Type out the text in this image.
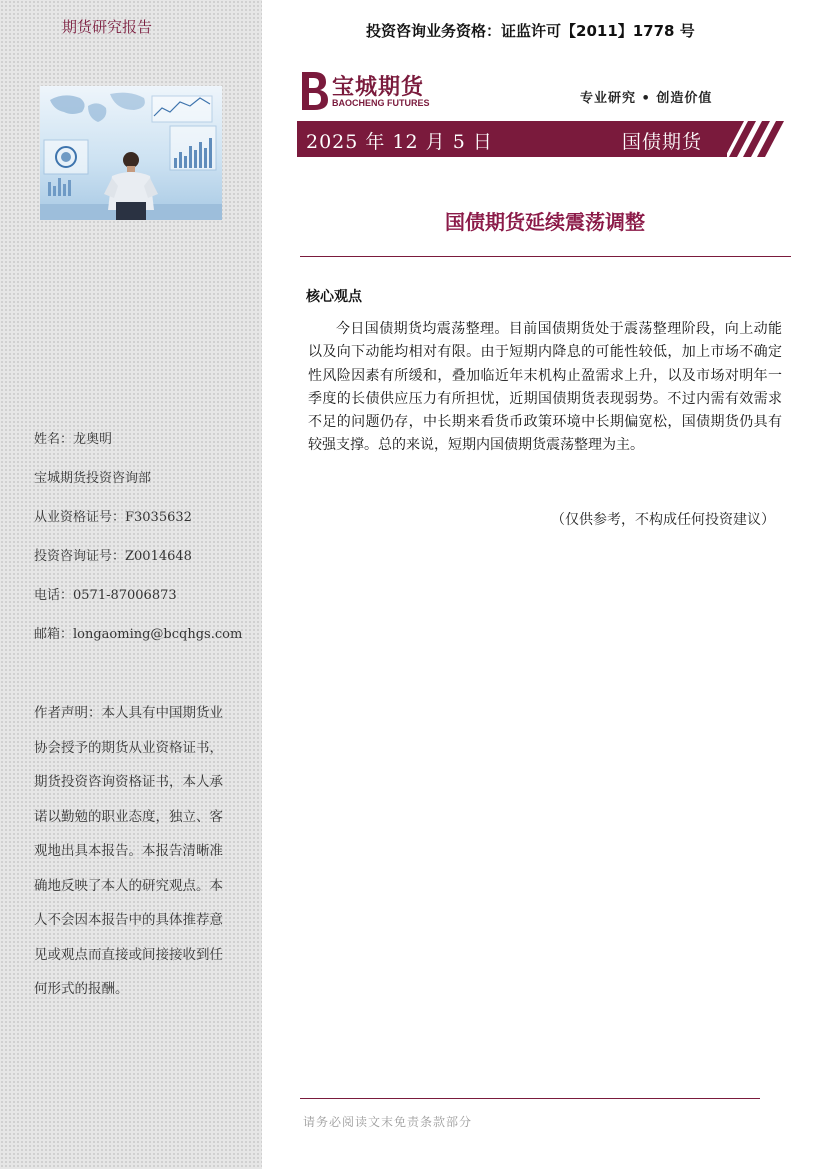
期货研究报告
姓名：龙奥明
宝城期货投资咨询部
从业资格证号：F3035632
投资咨询证号：Z0014648
电话：0571-87006873
邮箱：longaoming@bcqhgs.com
作者声明：本人具有中国期货业协会授予的期货从业资格证书，期货投资咨询资格证书，本人承诺以勤勉的职业态度，独立、客观地出具本报告。本报告清晰准确地反映了本人的研究观点。本人不会因本报告中的具体推荐意见或观点而直接或间接接收到任何形式的报酬。
投资咨询业务资格：证监许可【2011】1778 号
宝城期货
BAOCHENG FUTURES	专业研究 • 创造价值
2025 年 12 月 5 日	国债期货
国债期货延续震荡调整
核心观点
今日国债期货均震荡整理。目前国债期货处于震荡整理阶段，向上动能以及向下动能均相对有限。由于短期内降息的可能性较低，加上市场不确定性风险因素有所缓和，叠加临近年末机构止盈需求上升，以及市场对明年一季度的长债供应压力有所担忧，近期国债期货表现弱势。不过内需有效需求不足的问题仍存，中长期来看货币政策环境中长期偏宽松，国债期货仍具有较强支撑。总的来说，短期内国债期货震荡整理为主。
（仅供参考，不构成任何投资建议）
请务必阅读文末免责条款部分
